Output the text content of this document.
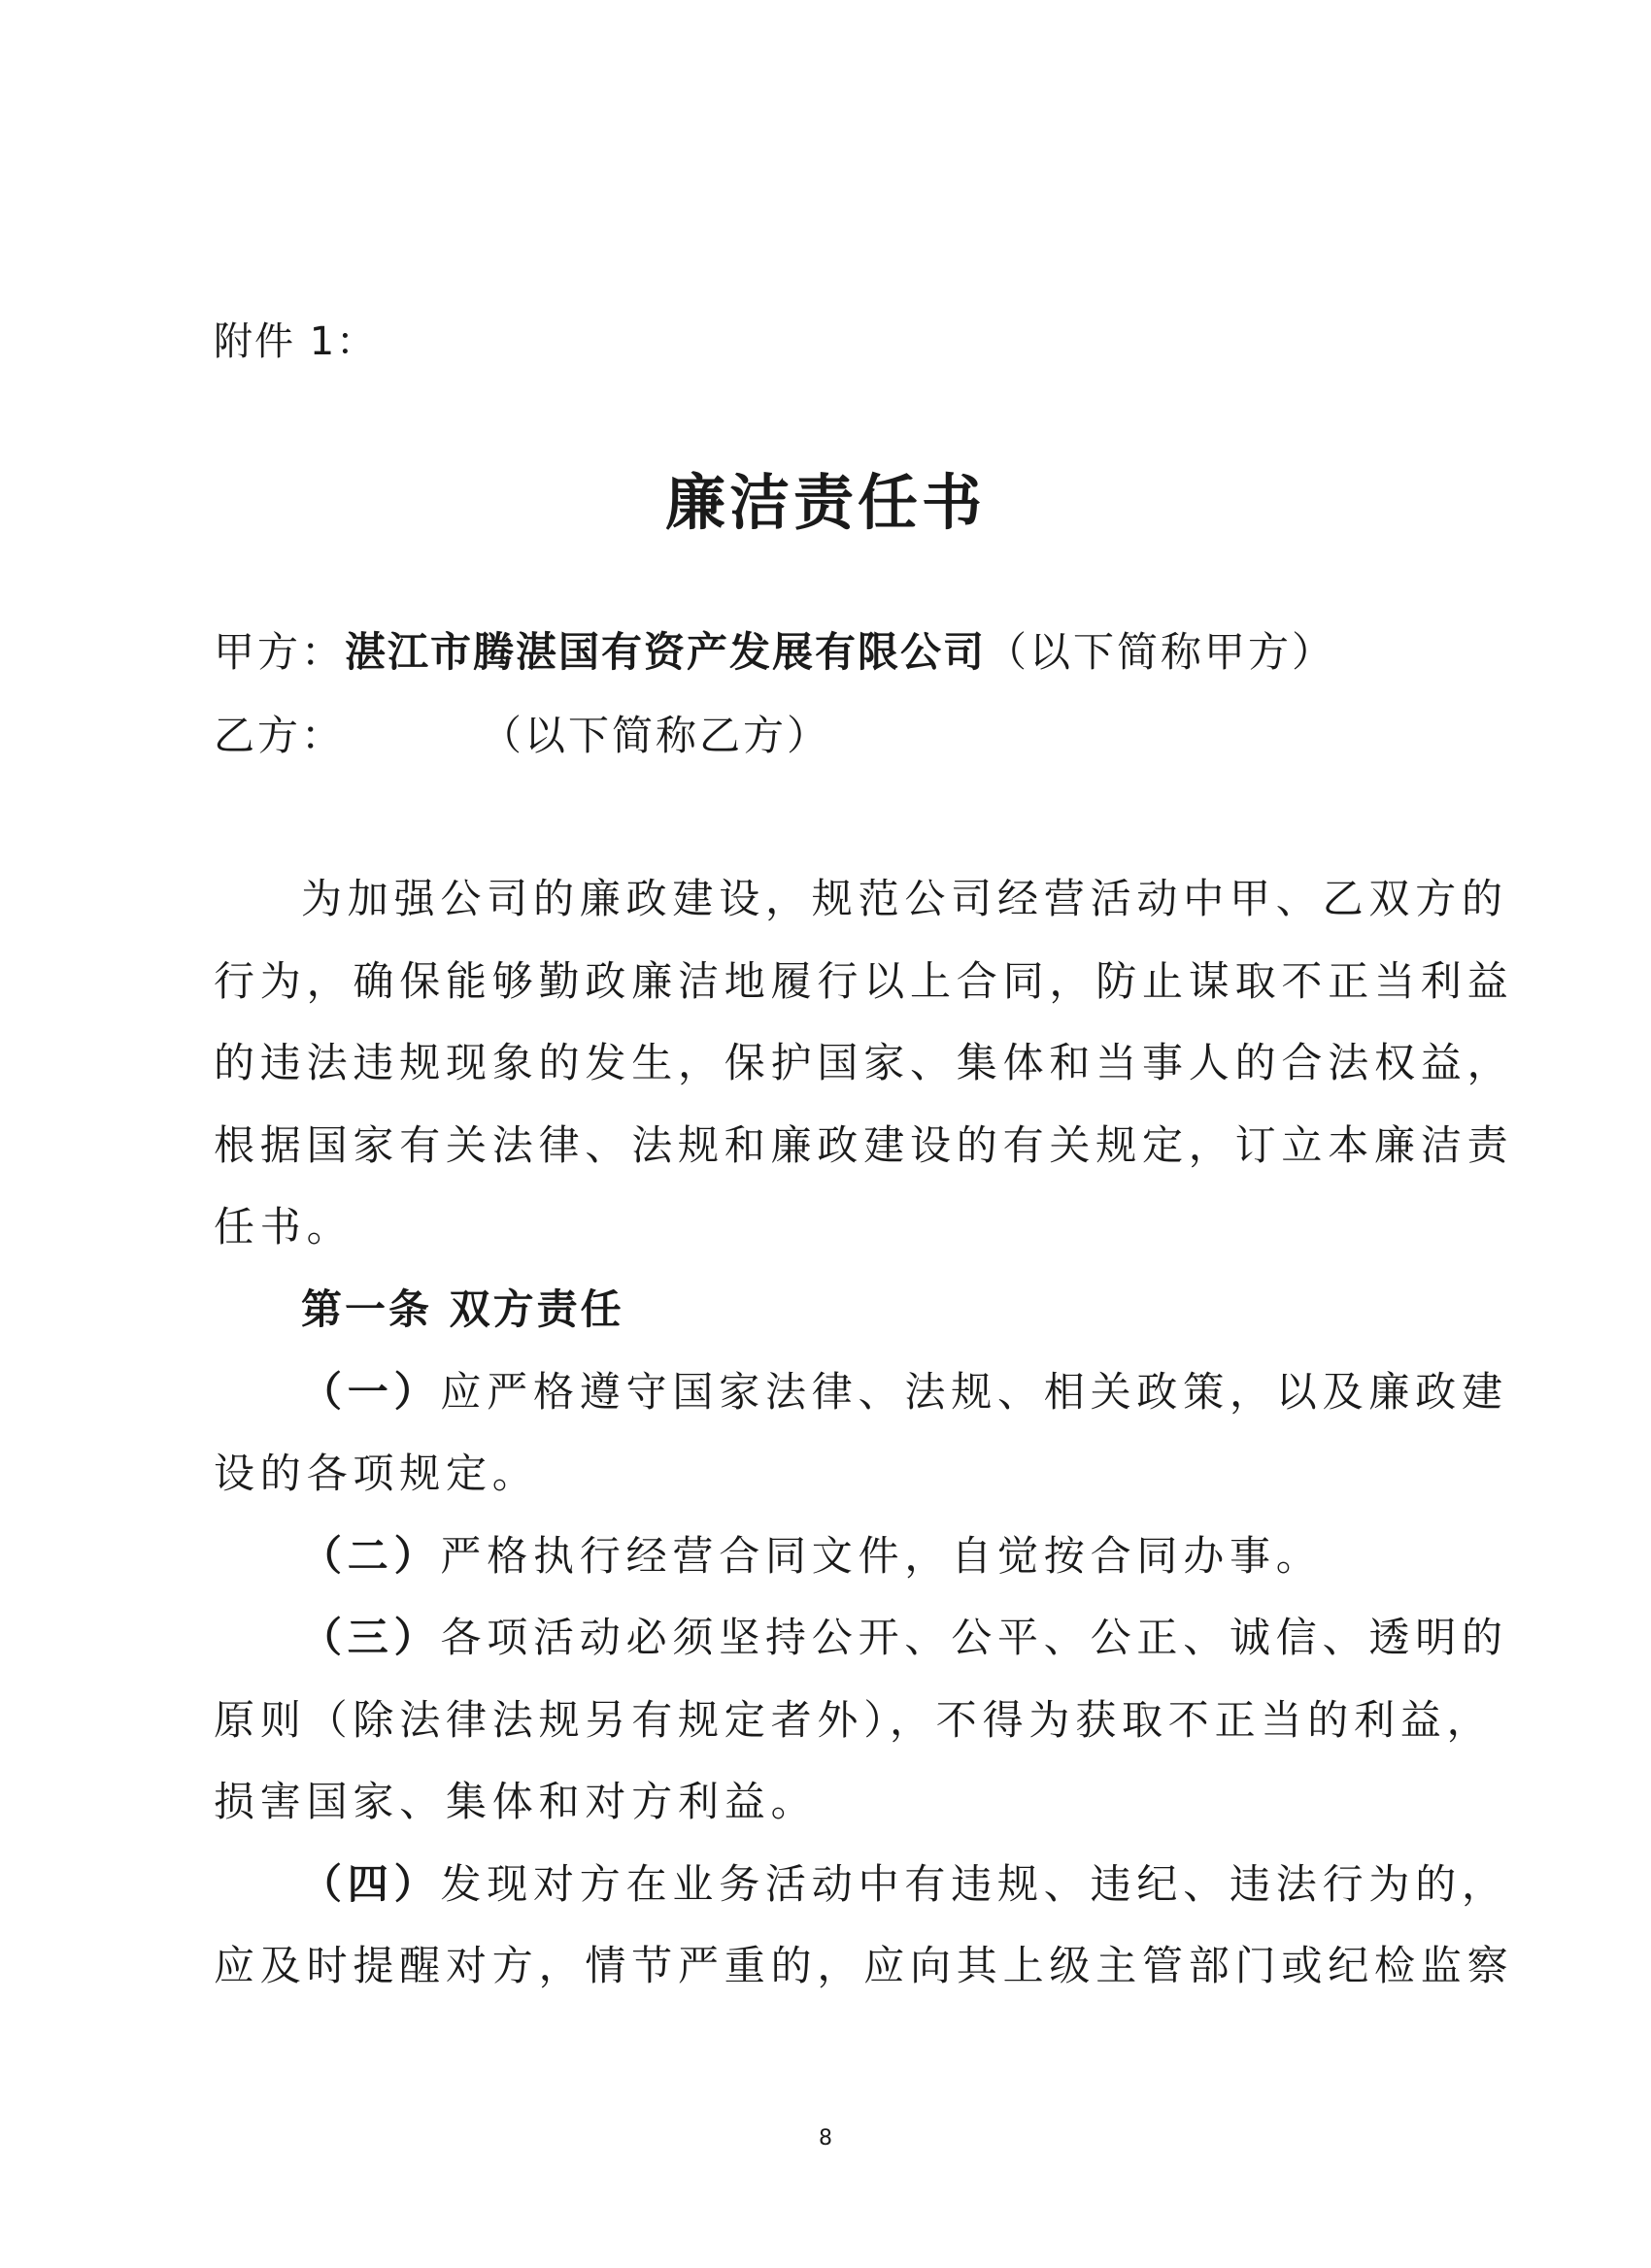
附件 1：
廉洁责任书
甲方：湛江市腾湛国有资产发展有限公司（以下简称甲方）
乙方：	（以下简称乙方）
为加强公司的廉政建设，规范公司经营活动中甲、乙双方的
行为，确保能够勤政廉洁地履行以上合同，防止谋取不正当利益
的违法违规现象的发生，保护国家、集体和当事人的合法权益，
根据国家有关法律、法规和廉政建设的有关规定，订立本廉洁责
任书。
第一条 双方责任
（一）应严格遵守国家法律、法规、相关政策，以及廉政建
设的各项规定。
（二）严格执行经营合同文件，自觉按合同办事。
（三）各项活动必须坚持公开、公平、公正、诚信、透明的
原则（除法律法规另有规定者外），不得为获取不正当的利益，
损害国家、集体和对方利益。
（四）发现对方在业务活动中有违规、违纪、违法行为的，
应及时提醒对方，情节严重的，应向其上级主管部门或纪检监察
8
